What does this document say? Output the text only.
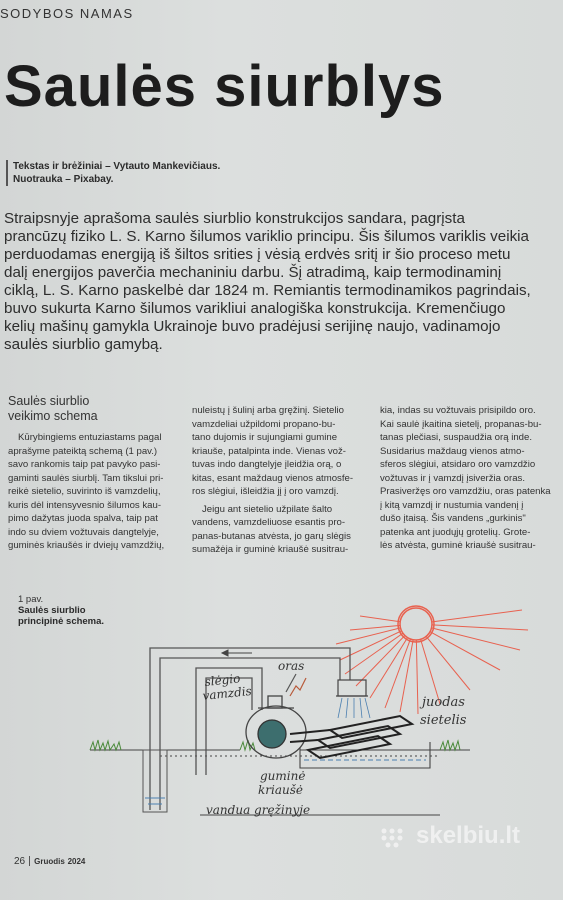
SODYBOS NAMAS
Saulės siurblys
Tekstas ir brėžiniai – Vytauto Mankevičiaus.
Nuotrauka – Pixabay.
Straipsnyje aprašoma saulės siurblio konstrukcijos sandara, pagrįsta
prancūzų fiziko L. S. Karno šilumos variklio principu. Šis šilumos variklis veikia
perduodamas energiją iš šiltos srities į vėsią erdvės sritį ir šio proceso metu
dalį energijos paverčia mechaniniu darbu. Šį atradimą, kaip termodinaminį
ciklą, L. S. Karno paskelbė dar 1824 m. Remiantis termodinamikos pagrindais,
buvo sukurta Karno šilumos varikliui analogiška konstrukcija. Kremenčiugo
kelių mašinų gamykla Ukrainoje buvo pradėjusi serijinę naujo, vadinamojo
saulės siurblio gamybą.
Saulės siurblio
veikimo schema
Kūrybingiems entuziastams pagal
aprašyme pateiktą schemą (1 pav.)
savo rankomis taip pat pavyko pasi-
gaminti saulės siurblį. Tam tikslui pri-
reikė sietelio, suvirinto iš vamzdelių,
kuris dėl intensyvesnio šilumos kau-
pimo dažytas juoda spalva, taip pat
indo su dviem vožtuvais dangtelyje,
guminės kriaušės ir dviejų vamzdžių,
nuleistų į šulinį arba gręžinį. Sietelio
vamzdeliai užpildomi propano-bu-
tano dujomis ir sujungiami gumine
kriauše, patalpinta inde. Vienas vož-
tuvas indo dangtelyje įleidžia orą, o
kitas, esant maždaug vienos atmosfe-
ros slėgiui, išleidžia jį į oro vamzdį.
Jeigu ant sietelio užpilate šalto
vandens, vamzdeliuose esantis pro-
panas-butanas atvėsta, jo garų slėgis
sumažėja ir guminė kriaušė susitrau-
kia, indas su vožtuvais prisipildo oro.
Kai saulė įkaitina sietelį, propanas-bu-
tanas plečiasi, suspaudžia orą inde.
Susidarius maždaug vienos atmo-
sferos slėgiui, atsidaro oro vamzdžio
vožtuvas ir į vamzdį įsiveržia oras.
Prasiveržęs oro vamzdžiu, oras patenka
į kitą vamzdį ir nustumia vandenį į
dušo įtaisą. Šis vandens „gurkinis"
patenka ant juodųjų grotelių. Grote-
lės atvėsta, guminė kriaušė susitrau-
oras
slėgio
vamzdis	juodas
sietelis
guminė
kriaušė
vandua gręžinyje
1 pav.
Saulės siurblio
principinė schema.
skelbiu.lt
26 Gruodis 2024
